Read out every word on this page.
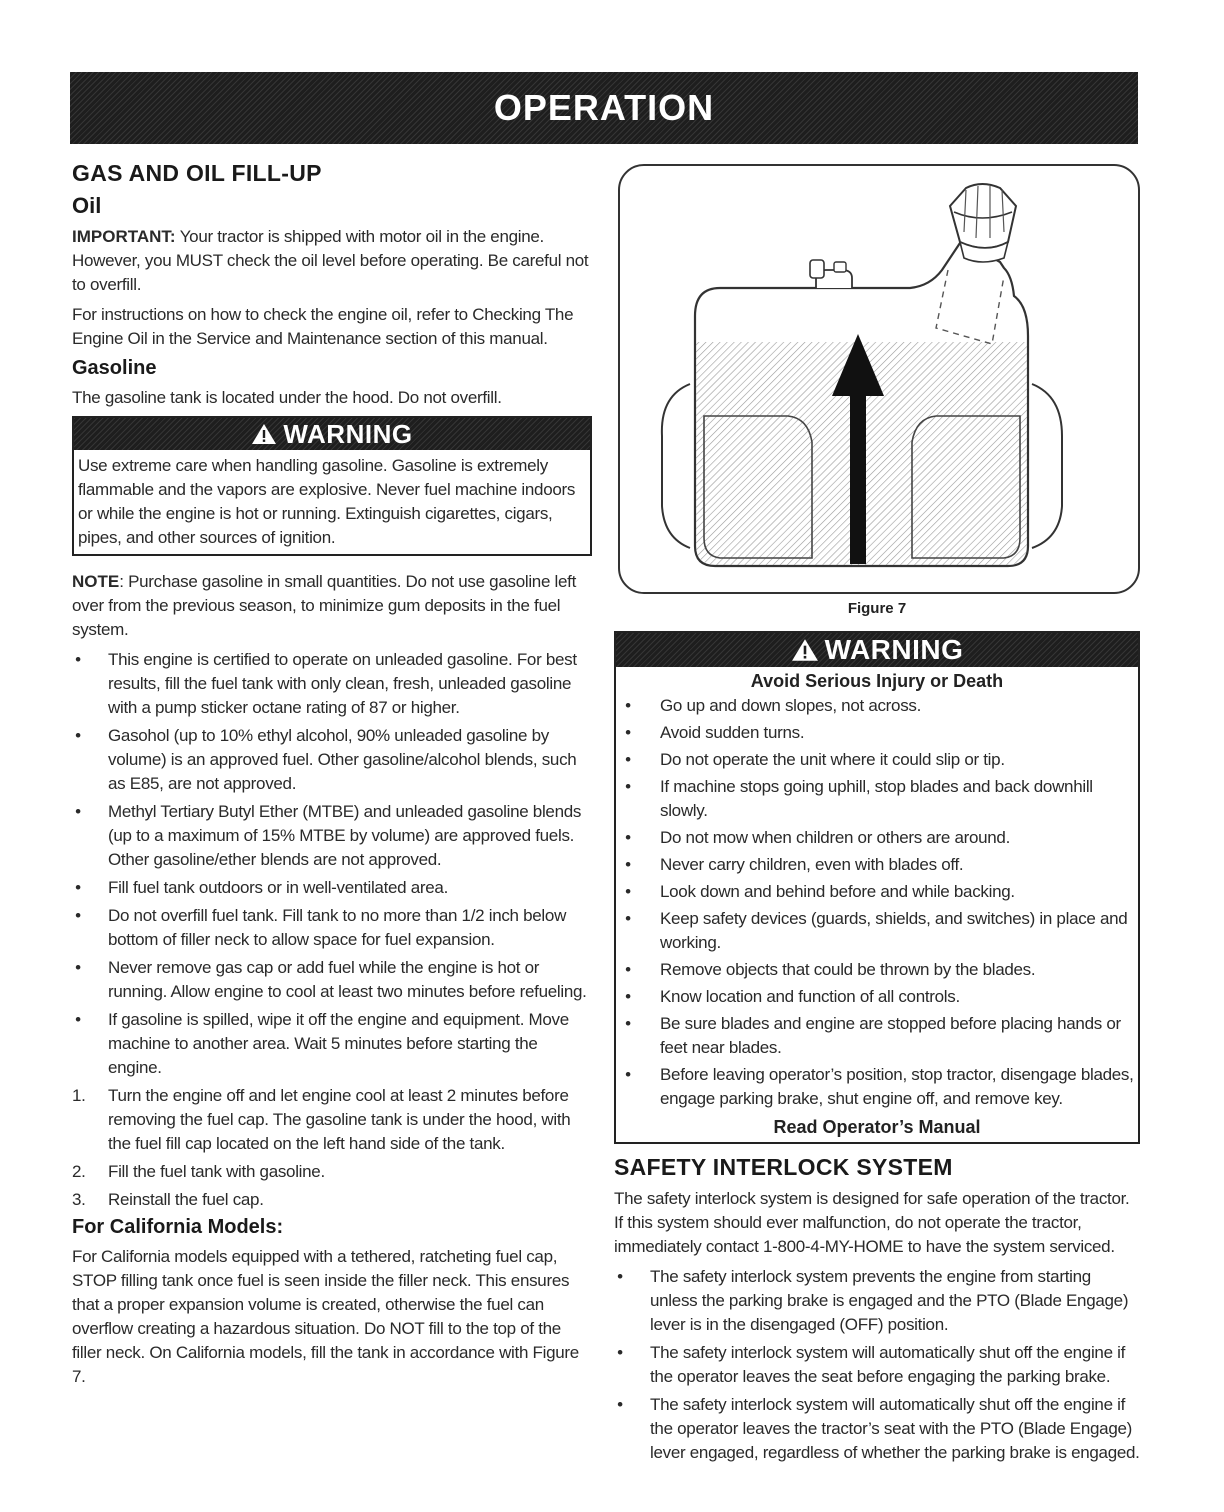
OPERATION
GAS AND OIL FILL-UP
Oil

IMPORTANT: Your tractor is shipped with motor oil in the engine. However, you MUST check the oil level before operating. Be careful not to overfill.

For instructions on how to check the engine oil, refer to Checking The Engine Oil in the Service and Maintenance section of this manual.

Gasoline

The gasoline tank is located under the hood. Do not overfill.

WARNING
Use extreme care when handling gasoline. Gasoline is extremely flammable and the vapors are explosive. Never fuel machine indoors or while the engine is hot or running. Extinguish cigarettes, cigars, pipes, and other sources of ignition.

NOTE: Purchase gasoline in small quantities. Do not use gasoline left over from the previous season, to minimize gum deposits in the fuel system.

• This engine is certified to operate on unleaded gasoline. For best results, fill the fuel tank with only clean, fresh, unleaded gasoline with a pump sticker octane rating of 87 or higher.
• Gasohol (up to 10% ethyl alcohol, 90% unleaded gasoline by volume) is an approved fuel. Other gasoline/alcohol blends, such as E85, are not approved.
• Methyl Tertiary Butyl Ether (MTBE) and unleaded gasoline blends (up to a maximum of 15% MTBE by volume) are approved fuels. Other gasoline/ether blends are not approved.
• Fill fuel tank outdoors or in well-ventilated area.
• Do not overfill fuel tank. Fill tank to no more than 1/2 inch below bottom of filler neck to allow space for fuel expansion.
• Never remove gas cap or add fuel while the engine is hot or running. Allow engine to cool at least two minutes before refueling.
• If gasoline is spilled, wipe it off the engine and equipment. Move machine to another area. Wait 5 minutes before starting the engine.
1. Turn the engine off and let engine cool at least 2 minutes before removing the fuel cap. The gasoline tank is under the hood, with the fuel fill cap located on the left hand side of the tank.
2. Fill the fuel tank with gasoline.
3. Reinstall the fuel cap.
For California Models:

For California models equipped with a tethered, ratcheting fuel cap, STOP filling tank once fuel is seen inside the filler neck. This ensures that a proper expansion volume is created, otherwise the fuel can overflow creating a hazardous situation. Do NOT fill to the top of the filler neck. On California models, fill the tank in accordance with Figure 7.

Figure 7
WARNING
Avoid Serious Injury or Death
• Go up and down slopes, not across.
• Avoid sudden turns.
• Do not operate the unit where it could slip or tip.
• If machine stops going uphill, stop blades and back downhill slowly.
• Do not mow when children or others are around.
• Never carry children, even with blades off.
• Look down and behind before and while backing.
• Keep safety devices (guards, shields, and switches) in place and working.
• Remove objects that could be thrown by the blades.
• Know location and function of all controls.
• Be sure blades and engine are stopped before placing hands or feet near blades.
• Before leaving operator’s position, stop tractor, disengage blades, engage parking brake, shut engine off, and remove key.
Read Operator’s Manual
SAFETY INTERLOCK SYSTEM

The safety interlock system is designed for safe operation of the tractor. If this system should ever malfunction, do not operate the tractor, immediately contact 1-800-4-MY-HOME to have the system serviced.

• The safety interlock system prevents the engine from starting unless the parking brake is engaged and the PTO (Blade Engage) lever is in the disengaged (OFF) position.
• The safety interlock system will automatically shut off the engine if the operator leaves the seat before engaging the parking brake.
• The safety interlock system will automatically shut off the engine if the operator leaves the tractor’s seat with the PTO (Blade Engage) lever engaged, regardless of whether the parking brake is engaged.
